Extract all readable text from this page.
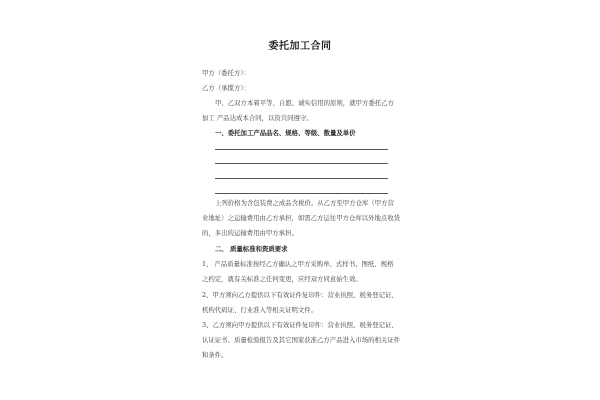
委托加工合同
甲方（委托方）：
乙方（承揽方）：
甲、乙双方本着平等、自愿、诚实信用的原则，就甲方委托乙方
加工 产品达成本合同，以资共同遵守。
一、委托加工产品品名、规格、等级、数量及单价
上列价格为含包装费之成品含税价。从乙方至甲方仓库（甲方营
业地址）之运输费用由乙方承担，如需乙方运往甲方仓库以外地点收货
的，多出的运输费用由甲方承担。
二、 质量标准和资质要求
1、 产品质量标准按经乙方确认之甲方采购单、式样书、图纸、规格
之约定，就有关标准之任何变更，应经双方同意始生效。
2、甲方须向乙方提供以下有效证件复印件：营业执照、税务登记证、
机构代码证、行业准入等相关证明文件。
3、乙方须向甲方提供以下有效证件复印件：营业执照、税务登记证、
认证证书、质量检验报告及其它国家获准乙方产品进入市场的相关证件
和条件。
